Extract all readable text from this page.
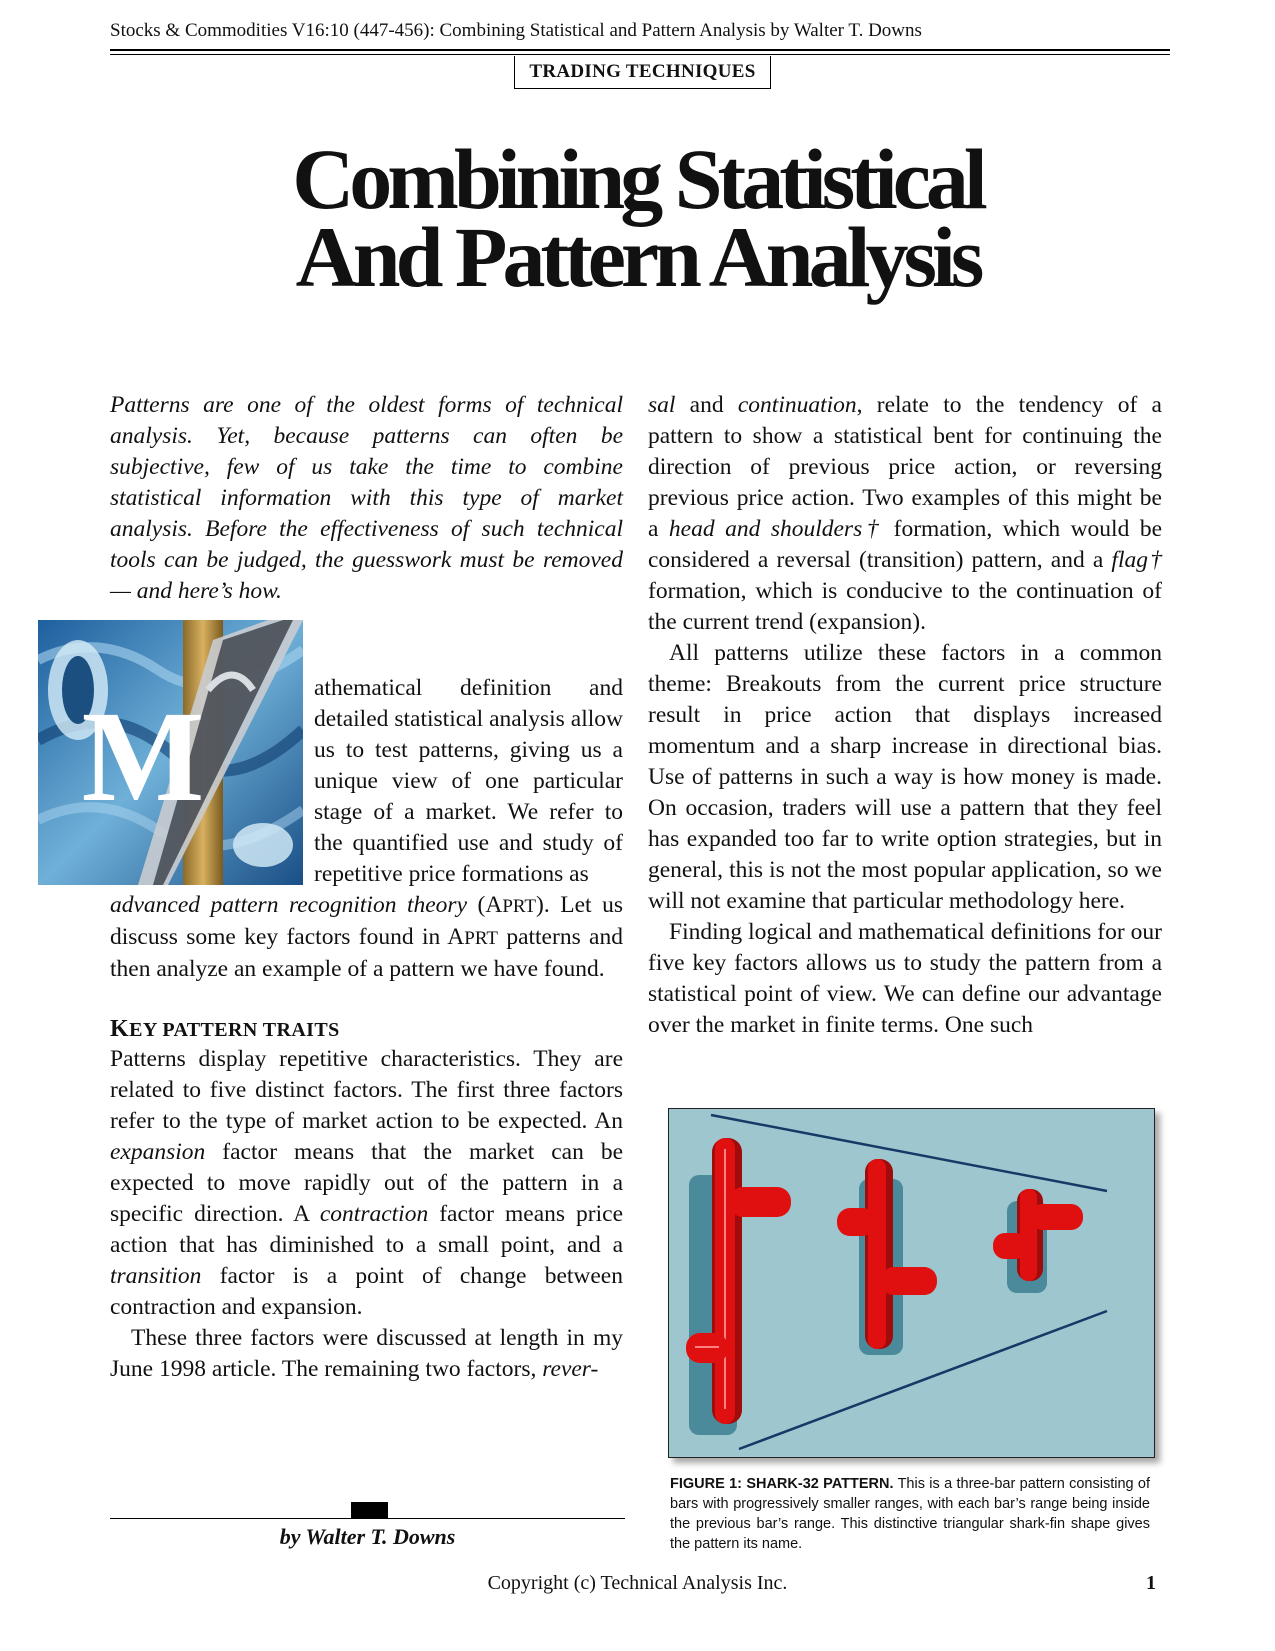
Stocks & Commodities V16:10 (447-456): Combining Statistical and Pattern Analysis by Walter T. Downs
TRADING TECHNIQUES
Combining Statistical
And Pattern Analysis

Patterns are one of the oldest forms of technical analysis. Yet, because patterns can often be subjective, few of us take the time to combine statistical information with this type of market analysis. Before the effectiveness of such technical tools can be judged, the guesswork must be removed — and here’s how.

M	athematical definition and detailed statistical analysis allow us to test patterns, giving us a unique view of one particular stage of a market. We refer to the quantified use and study of repetitive price formations as

advanced pattern recognition theory (APRT). Let us discuss some key factors found in APRT patterns and then analyze an example of a pattern we have found.

KEY PATTERN TRAITS

Patterns display repetitive characteristics. They are related to five distinct factors. The first three factors refer to the type of market action to be expected. An expansion factor means that the market can be expected to move rapidly out of the pattern in a specific direction. A contraction factor means price action that has diminished to a small point, and a transition factor is a point of change between contraction and expansion.

These three factors were discussed at length in my June 1998 article. The remaining two factors, rever-

sal and continuation, relate to the tendency of a pattern to show a statistical bent for continuing the direction of previous price action, or reversing previous price action. Two examples of this might be a head and shoulders† formation, which would be considered a reversal (transition) pattern, and a flag† formation, which is conducive to the continuation of the current trend (expansion).

All patterns utilize these factors in a common theme: Breakouts from the current price structure result in price action that displays increased momentum and a sharp increase in directional bias. Use of patterns in such a way is how money is made. On occasion, traders will use a pattern that they feel has expanded too far to write option strategies, but in general, this is not the most popular application, so we will not examine that particular methodology here.

Finding logical and mathematical definitions for our five key factors allows us to study the pattern from a statistical point of view. We can define our advantage over the market in finite terms. One such

by Walter T. Downs
FIGURE 1: SHARK-32 PATTERN. This is a three-bar pattern consisting of bars with progressively smaller ranges, with each bar’s range being inside the previous bar’s range. This distinctive triangular shark-fin shape gives the pattern its name.
Copyright (c) Technical Analysis Inc.	1
